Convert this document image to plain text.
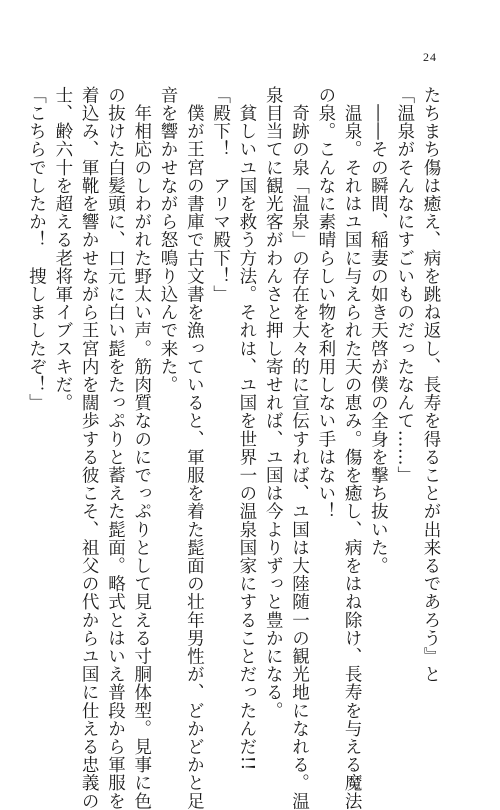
24
たちまち傷は癒え、病を跳ね返し、長寿を得ることが出来るであろう』と
「温泉がそんなにすごいものだったなんて……」
　――その瞬間、稲妻の如き天啓が僕の全身を撃ち抜いた。
　温泉。それはユ国に与えられた天の恵み。傷を癒し、病をはね除け、長寿を与える魔法
の泉。こんなに素晴らしい物を利用しない手はない！
　奇跡の泉「温泉」の存在を大々的に宣伝すれば、ユ国は大陸随一の観光地になれる。温
泉目当てに観光客がわんさと押し寄せれば、ユ国は今よりずっと豊かになる。
　貧しいユ国を救う方法。それは、ユ国を世界一の温泉国家にすることだったんだ!!
「殿下！　アリマ殿下！」
　僕が王宮の書庫で古文書を漁っていると、軍服を着た髭面の壮年男性が、どかどかと足
音を響かせながら怒鳴り込んで来た。
　年相応のしわがれた野太い声。筋肉質なのにでっぷりとして見える寸胴体型。見事に色
の抜けた白髪頭に、口元に白い髭をたっぷりと蓄えた髭面。略式とはいえ普段から軍服を
着込み、軍靴を響かせながら王宮内を闊歩する彼こそ、祖父の代からユ国に仕える忠義の
士、齢六十を超える老将軍イブスキだ。
「こちらでしたか！　捜しましたぞ！」
